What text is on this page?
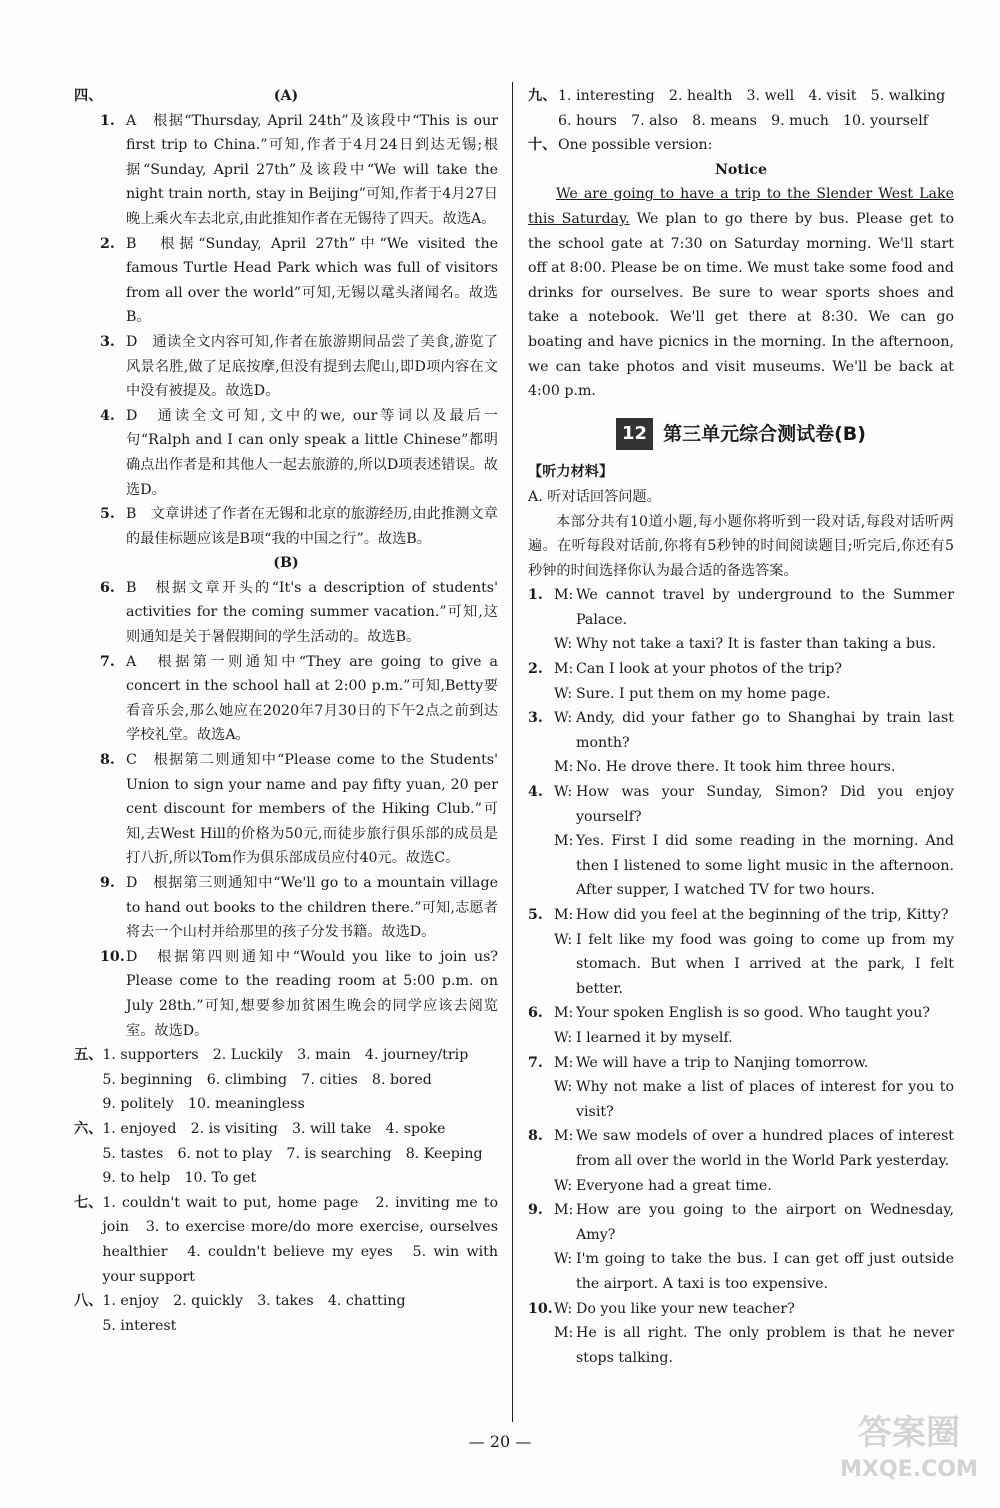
四、	(A)
1. A　根据“Thursday, April 24th”及该段中“This is our first trip to China.”可知,作者于4月24日到达无锡;根据“Sunday, April 27th”及该段中“We will take the night train north, stay in Beijing”可知,作者于4月27日晚上乘火车去北京,由此推知作者在无锡待了四天。故选A。
2. B　根据“Sunday, April 27th”中“We visited the famous Turtle Head Park which was full of visitors from all over the world”可知,无锡以鼋头渚闻名。故选B。
3. D　通读全文内容可知,作者在旅游期间品尝了美食,游览了风景名胜,做了足底按摩,但没有提到去爬山,即D项内容在文中没有被提及。故选D。
4. D　通读全文可知,文中的we, our等词以及最后一句“Ralph and I can only speak a little Chinese”都明确点出作者是和其他人一起去旅游的,所以D项表述错误。故选D。
5. B　文章讲述了作者在无锡和北京的旅游经历,由此推测文章的最佳标题应该是B项“我的中国之行”。故选B。
(B)
6. B　根据文章开头的“It's a description of students' activities for the coming summer vacation.”可知,这则通知是关于暑假期间的学生活动的。故选B。
7. A　根据第一则通知中“They are going to give a concert in the school hall at 2:00 p.m.”可知,Betty要看音乐会,那么她应在2020年7月30日的下午2点之前到达学校礼堂。故选A。
8. C　根据第二则通知中“Please come to the Students' Union to sign your name and pay fifty yuan, 20 per cent discount for members of the Hiking Club.”可知,去West Hill的价格为50元,而徒步旅行俱乐部的成员是打八折,所以Tom作为俱乐部成员应付40元。故选C。
9. D　根据第三则通知中“We'll go to a mountain village to hand out books to the children there.”可知,志愿者将去一个山村并给那里的孩子分发书籍。故选D。
10. D　根据第四则通知中“Would you like to join us? Please come to the reading room at 5:00 p.m. on July 28th.”可知,想要参加贫困生晚会的同学应该去阅览室。故选D。
五、 1. supporters　2. Luckily　3. main　4. journey/trip
5. beginning　6. climbing　7. cities　8. bored
9. politely　10. meaningless
六、 1. enjoyed　2. is visiting　3. will take　4. spoke
5. tastes　6. not to play　7. is searching　8. Keeping
9. to help　10. To get
七、 1. couldn't wait to put, home page　2. inviting me to join　3. to exercise more/do more exercise, ourselves healthier　4. couldn't believe my eyes　5. win with your support
八、 1. enjoy　2. quickly　3. takes　4. chatting
5. interest
九、 1. interesting　2. health　3. well　4. visit　5. walking
6. hours　7. also　8. means　9. much　10. yourself
十、 One possible version:
Notice
We are going to have a trip to the Slender West Lake this Saturday. We plan to go there by bus. Please get to the school gate at 7:30 on Saturday morning. We'll start off at 8:00. Please be on time. We must take some food and drinks for ourselves. Be sure to wear sports shoes and take a notebook. We'll get there at 8:30. We can go boating and have picnics in the morning. In the afternoon, we can take photos and visit museums. We'll be back at 4:00 p.m.
12 第三单元综合测试卷(B)
【听力材料】
A. 听对话回答问题。
本部分共有10道小题,每小题你将听到一段对话,每段对话听两遍。在听每段对话前,你将有5秒钟的时间阅读题目;听完后,你还有5秒钟的时间选择你认为最合适的备选答案。
1. M: We cannot travel by underground to the Summer Palace.
W: Why not take a taxi? It is faster than taking a bus.
2. M: Can I look at your photos of the trip?
W: Sure. I put them on my home page.
3. W: Andy, did your father go to Shanghai by train last month?
M: No. He drove there. It took him three hours.
4. W: How was your Sunday, Simon? Did you enjoy yourself?
M: Yes. First I did some reading in the morning. And then I listened to some light music in the afternoon. After supper, I watched TV for two hours.
5. M: How did you feel at the beginning of the trip, Kitty?
W: I felt like my food was going to come up from my stomach. But when I arrived at the park, I felt better.
6. M: Your spoken English is so good. Who taught you?
W: I learned it by myself.
7. M: We will have a trip to Nanjing tomorrow.
W: Why not make a list of places of interest for you to visit?
8. M: We saw models of over a hundred places of interest from all over the world in the World Park yesterday.
W: Everyone had a great time.
9. M: How are you going to the airport on Wednesday, Amy?
W: I'm going to take the bus. I can get off just outside the airport. A taxi is too expensive.
10. W: Do you like your new teacher?
M: He is all right. The only problem is that he never stops talking.
— 20 —	答案圈
MXQE.COM
